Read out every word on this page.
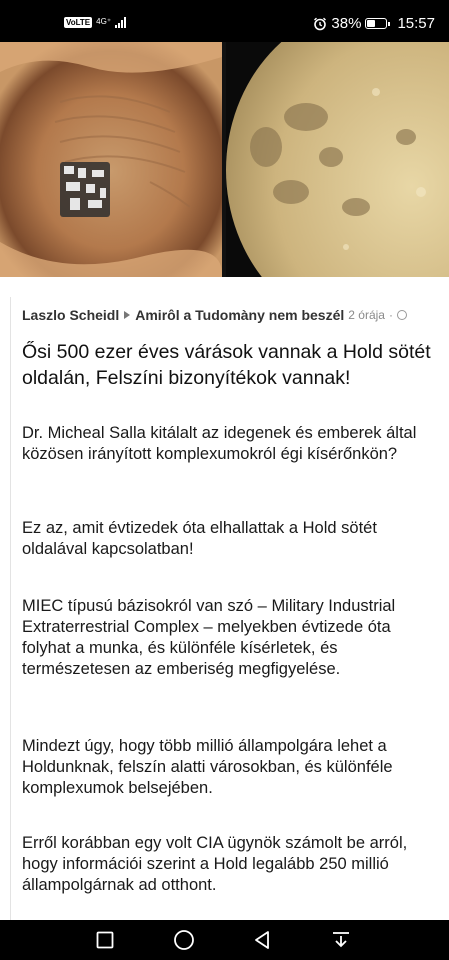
VoLTE 4G⁺	38% 15:57
Laszlo Scheidl Amirôl a Tudomàny nem beszél 2 órája ·

Ősi 500 ezer éves várások vannak a Hold sötét oldalán, Felszíni bizonyítékok vannak!

Dr. Micheal Salla kitálalt az idegenek és emberek által közösen irányított komplexumokról égi kísérőnkön?

Ez az, amit évtizedek óta elhallattak a Hold sötét oldalával kapcsolatban!

MIEC típusú bázisokról van szó – Military Industrial Extraterrestrial Complex – melyekben évtizede óta folyhat a munka, és különféle kísérletek, és természetesen az emberiség megfigyelése.

Mindezt úgy, hogy több millió állampolgára lehet a Holdunknak, felszín alatti városokban, és különféle komplexumok belsejében.

Erről korábban egy volt CIA ügynök számolt be arról, hogy információi szerint a Hold legalább 250 millió állampolgárnak ad otthont.
